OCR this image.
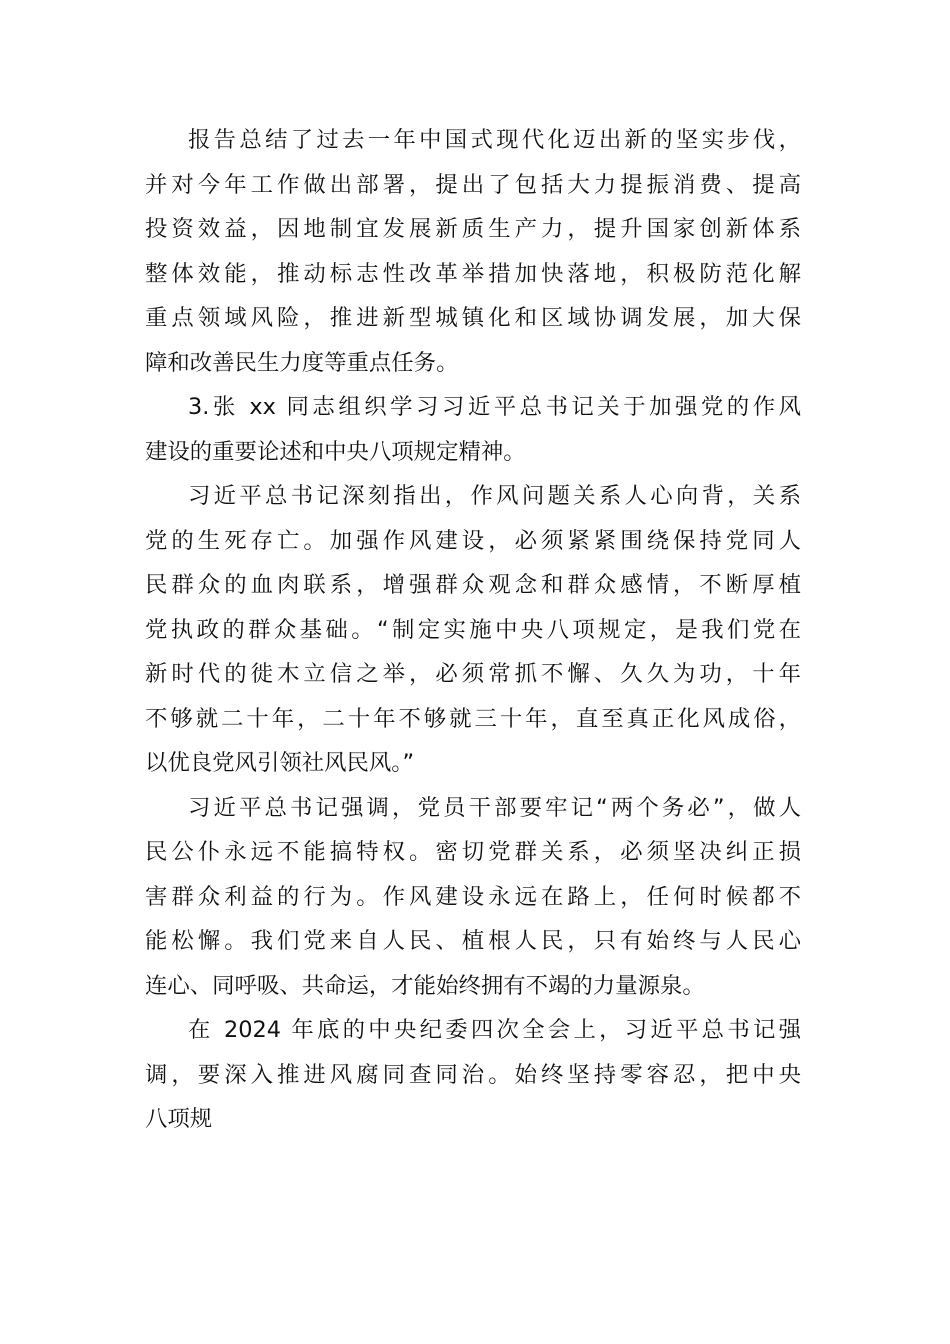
报告总结了过去一年中国式现代化迈出新的坚实步伐，
并对今年工作做出部署，提出了包括大力提振消费、提高
投资效益，因地制宜发展新质生产力，提升国家创新体系
整体效能，推动标志性改革举措加快落地，积极防范化解
重点领域风险，推进新型城镇化和区域协调发展，加大保
障和改善民生力度等重点任务。
3.张 xx 同志组织学习习近平总书记关于加强党的作风
建设的重要论述和中央八项规定精神。
习近平总书记深刻指出，作风问题关系人心向背，关系
党的生死存亡。加强作风建设，必须紧紧围绕保持党同人
民群众的血肉联系，增强群众观念和群众感情，不断厚植
党执政的群众基础。“制定实施中央八项规定，是我们党在
新时代的徙木立信之举，必须常抓不懈、久久为功，十年
不够就二十年，二十年不够就三十年，直至真正化风成俗，
以优良党风引领社风民风。”
习近平总书记强调，党员干部要牢记“两个务必”，做人
民公仆永远不能搞特权。密切党群关系，必须坚决纠正损
害群众利益的行为。作风建设永远在路上，任何时候都不
能松懈。我们党来自人民、植根人民，只有始终与人民心
连心、同呼吸、共命运，才能始终拥有不竭的力量源泉。
在 2024 年底的中央纪委四次全会上，习近平总书记强
调，要深入推进风腐同查同治。始终坚持零容忍，把中央
八项规
